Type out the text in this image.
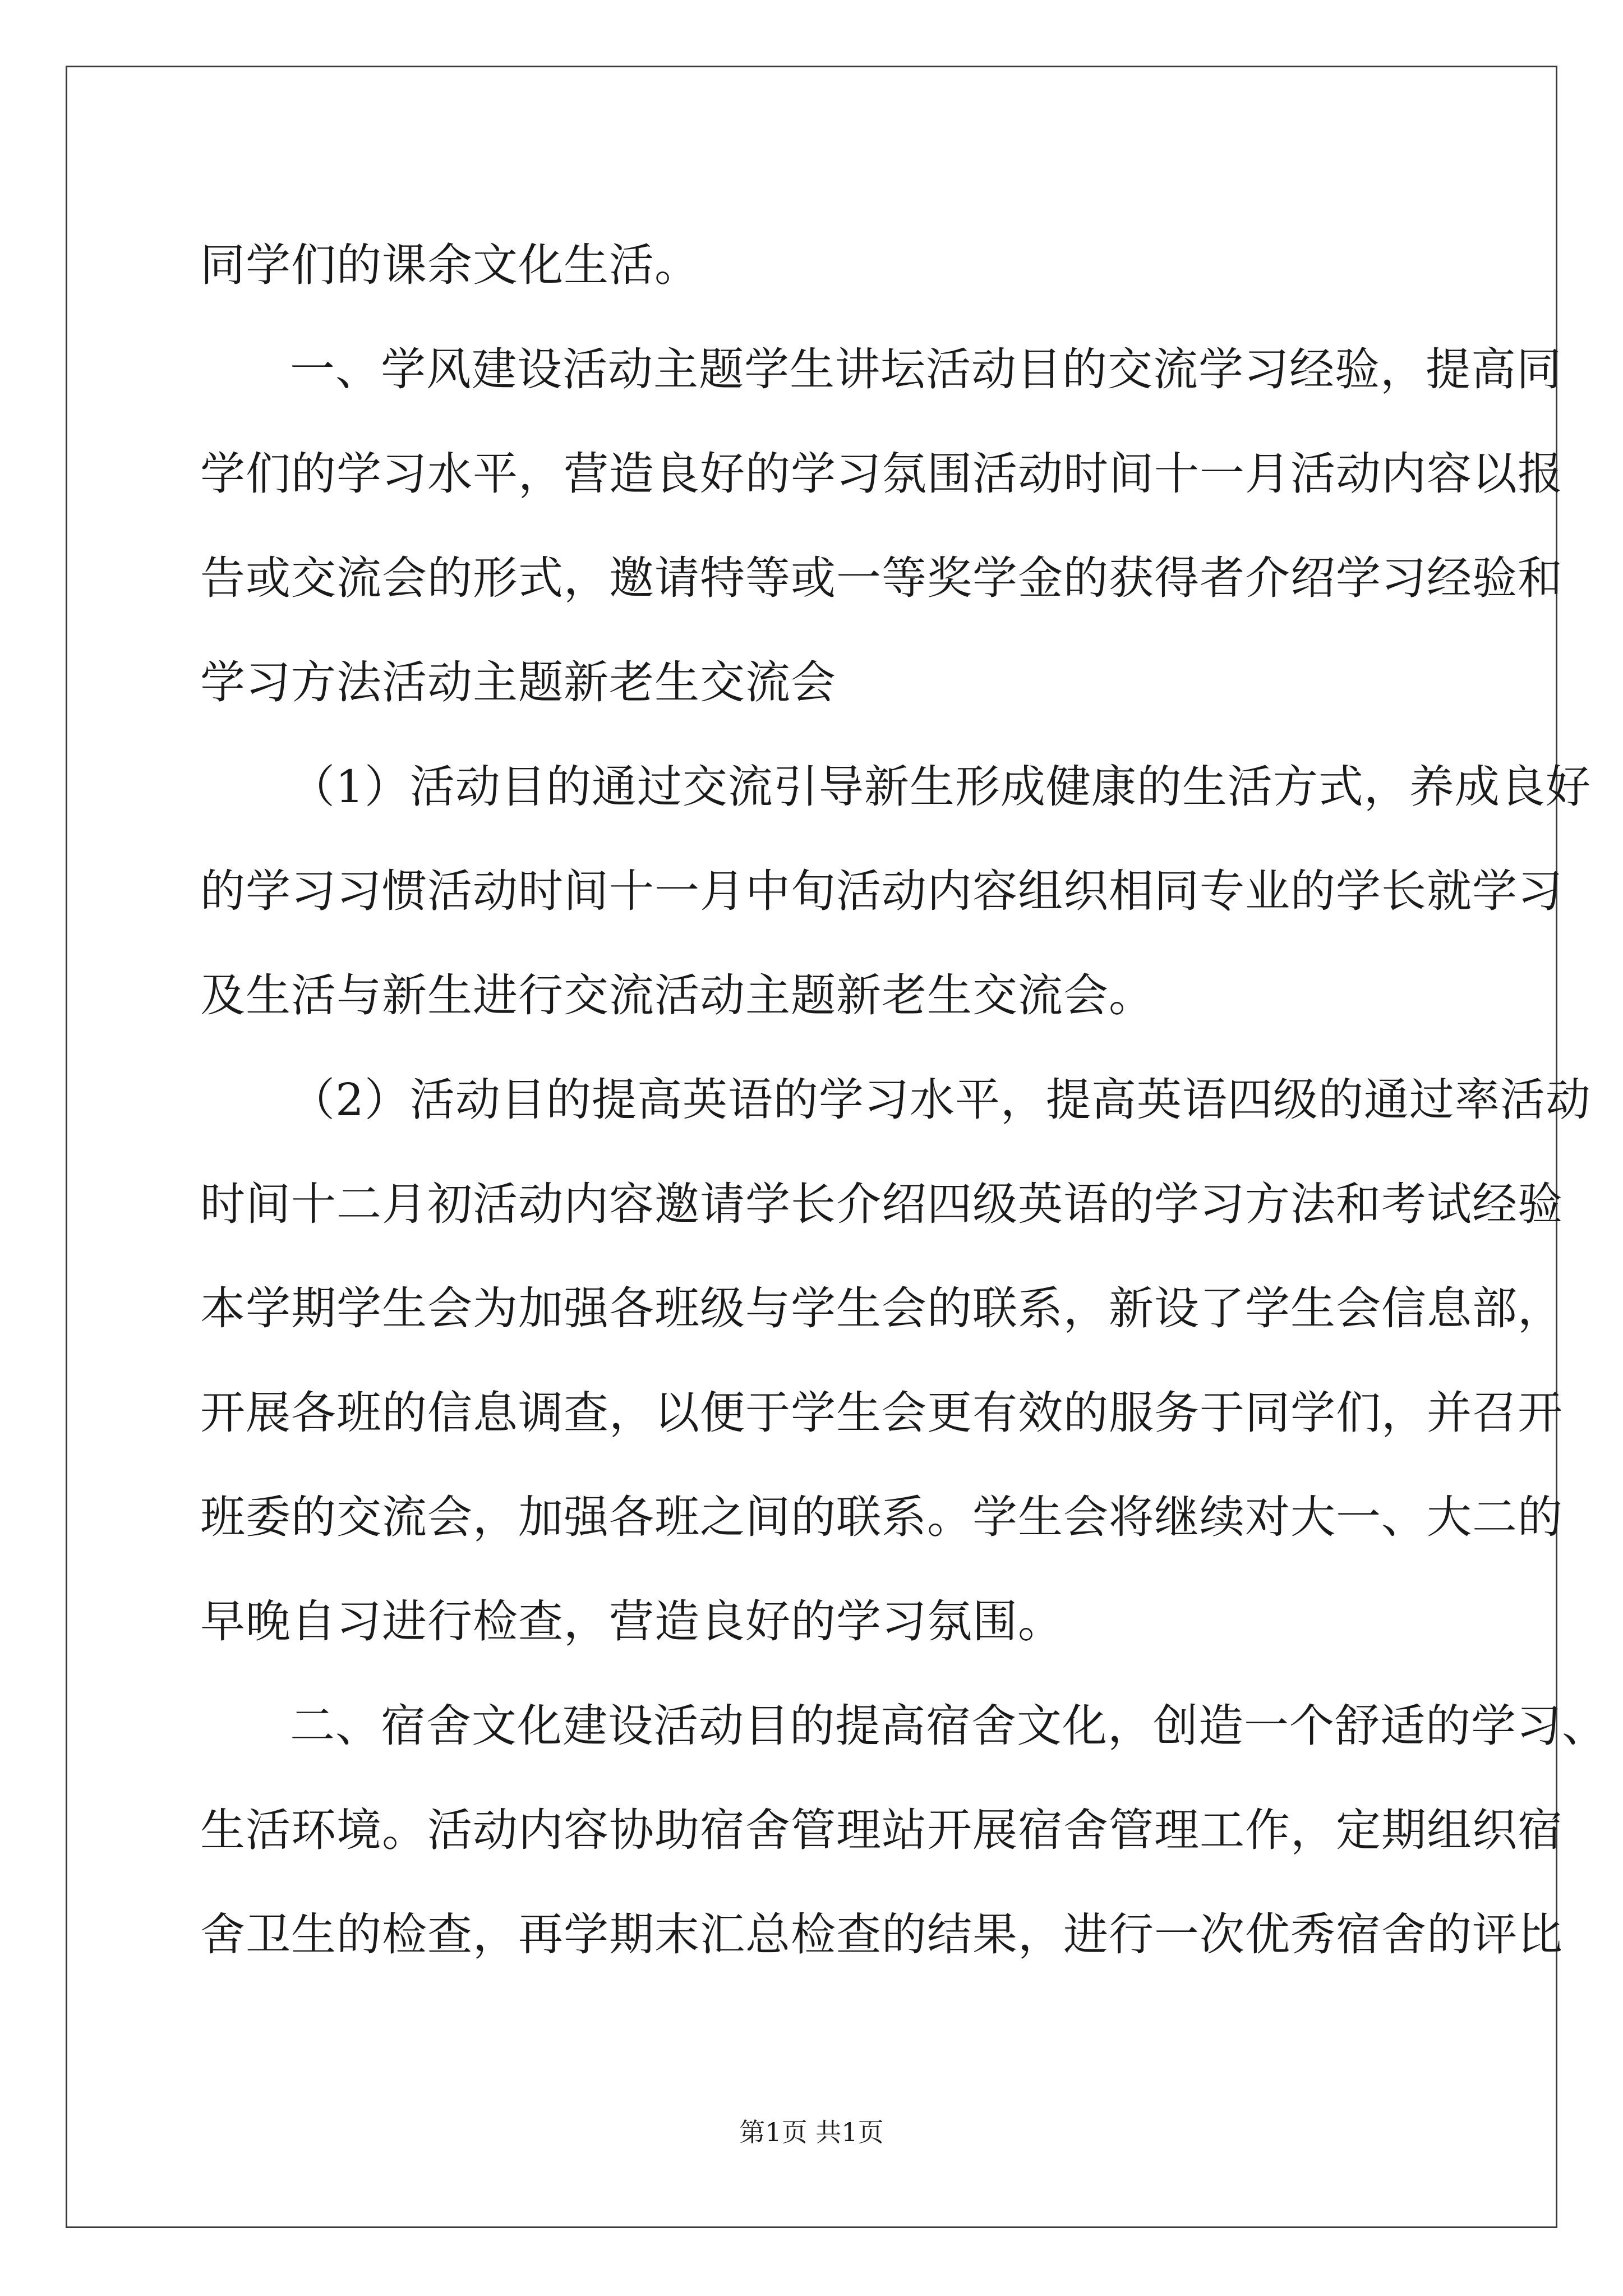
同学们的课余文化生活。
一、学风建设活动主题学生讲坛活动目的交流学习经验，提高同
学们的学习水平，营造良好的学习氛围活动时间十一月活动内容以报
告或交流会的形式，邀请特等或一等奖学金的获得者介绍学习经验和
学习方法活动主题新老生交流会
（1）活动目的通过交流引导新生形成健康的生活方式，养成良好
的学习习惯活动时间十一月中旬活动内容组织相同专业的学长就学习
及生活与新生进行交流活动主题新老生交流会。
（2）活动目的提高英语的学习水平，提高英语四级的通过率活动
时间十二月初活动内容邀请学长介绍四级英语的学习方法和考试经验
本学期学生会为加强各班级与学生会的联系，新设了学生会信息部，
开展各班的信息调查，以便于学生会更有效的服务于同学们，并召开
班委的交流会，加强各班之间的联系。学生会将继续对大一、大二的
早晚自习进行检查，营造良好的学习氛围。
二、宿舍文化建设活动目的提高宿舍文化，创造一个舒适的学习、
生活环境。活动内容协助宿舍管理站开展宿舍管理工作，定期组织宿
舍卫生的检查，再学期末汇总检查的结果，进行一次优秀宿舍的评比
第1页 共1页
